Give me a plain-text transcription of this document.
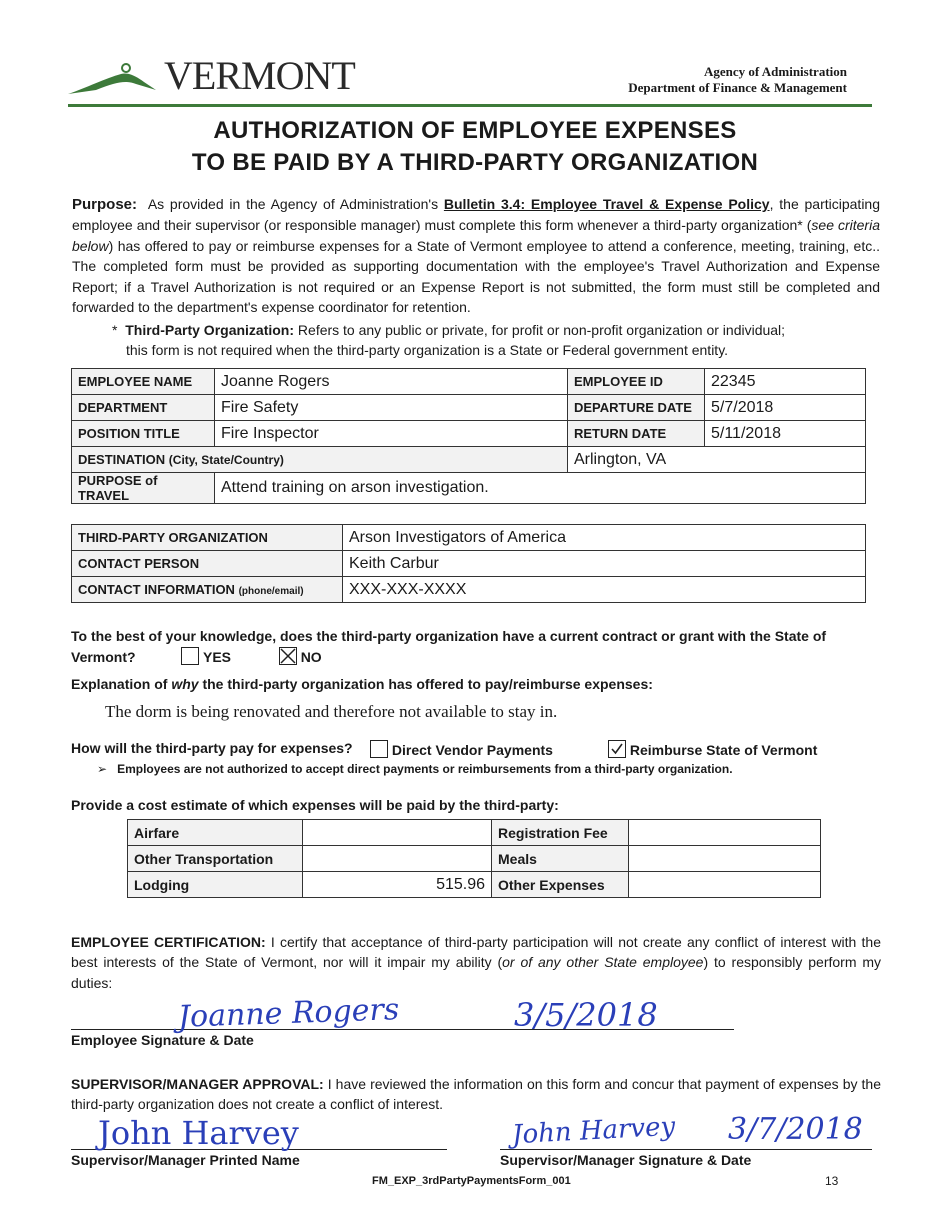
VERMONT	Agency of Administration
Department of Finance & Management
AUTHORIZATION OF EMPLOYEE EXPENSES
TO BE PAID BY A THIRD-PARTY ORGANIZATION
Purpose: As provided in the Agency of Administration's Bulletin 3.4: Employee Travel & Expense Policy, the participating employee and their supervisor (or responsible manager) must complete this form whenever a third-party organization* (see criteria below) has offered to pay or reimburse expenses for a State of Vermont employee to attend a conference, meeting, training, etc.. The completed form must be provided as supporting documentation with the employee's Travel Authorization and Expense Report; if a Travel Authorization is not required or an Expense Report is not submitted, the form must still be completed and forwarded to the department's expense coordinator for retention.
* Third-Party Organization: Refers to any public or private, for profit or non-profit organization or individual;
this form is not required when the third-party organization is a State or Federal government entity.
EMPLOYEE NAME	Joanne Rogers	EMPLOYEE ID	22345
DEPARTMENT	Fire Safety	DEPARTURE DATE	5/7/2018
POSITION TITLE	Fire Inspector	RETURN DATE	5/11/2018
DESTINATION (City, State/Country)		Arlington, VA	
PURPOSE of TRAVEL	Attend training on arson investigation.		
THIRD-PARTY ORGANIZATION	Arson Investigators of America
CONTACT PERSON	Keith Carbur
CONTACT INFORMATION (phone/email)	XXX-XXX-XXXX
To the best of your knowledge, does the third-party organization have a current contract or grant with the State of
Vermont?	YES	NO
Explanation of why the third-party organization has offered to pay/reimburse expenses:
The dorm is being renovated and therefore not available to stay in.
How will the third-party pay for expenses?	Direct Vendor Payments	Reimburse State of Vermont
➢ Employees are not authorized to accept direct payments or reimbursements from a third-party organization.
Provide a cost estimate of which expenses will be paid by the third-party:
Airfare		Registration Fee	
Other Transportation		Meals	
Lodging	515.96	Other Expenses	
EMPLOYEE CERTIFICATION: I certify that acceptance of third-party participation will not create any conflict of interest with the best interests of the State of Vermont, nor will it impair my ability (or of any other State employee) to responsibly perform my duties:
Joanne Rogers	3/5/2018
Employee Signature & Date
SUPERVISOR/MANAGER APPROVAL: I have reviewed the information on this form and concur that payment of expenses by the third-party organization does not create a conflict of interest.
John Harvey
Supervisor/Manager Printed Name
John Harvey 3/7/2018
Supervisor/Manager Signature & Date
FM_EXP_3rdPartyPaymentsForm_001	13
